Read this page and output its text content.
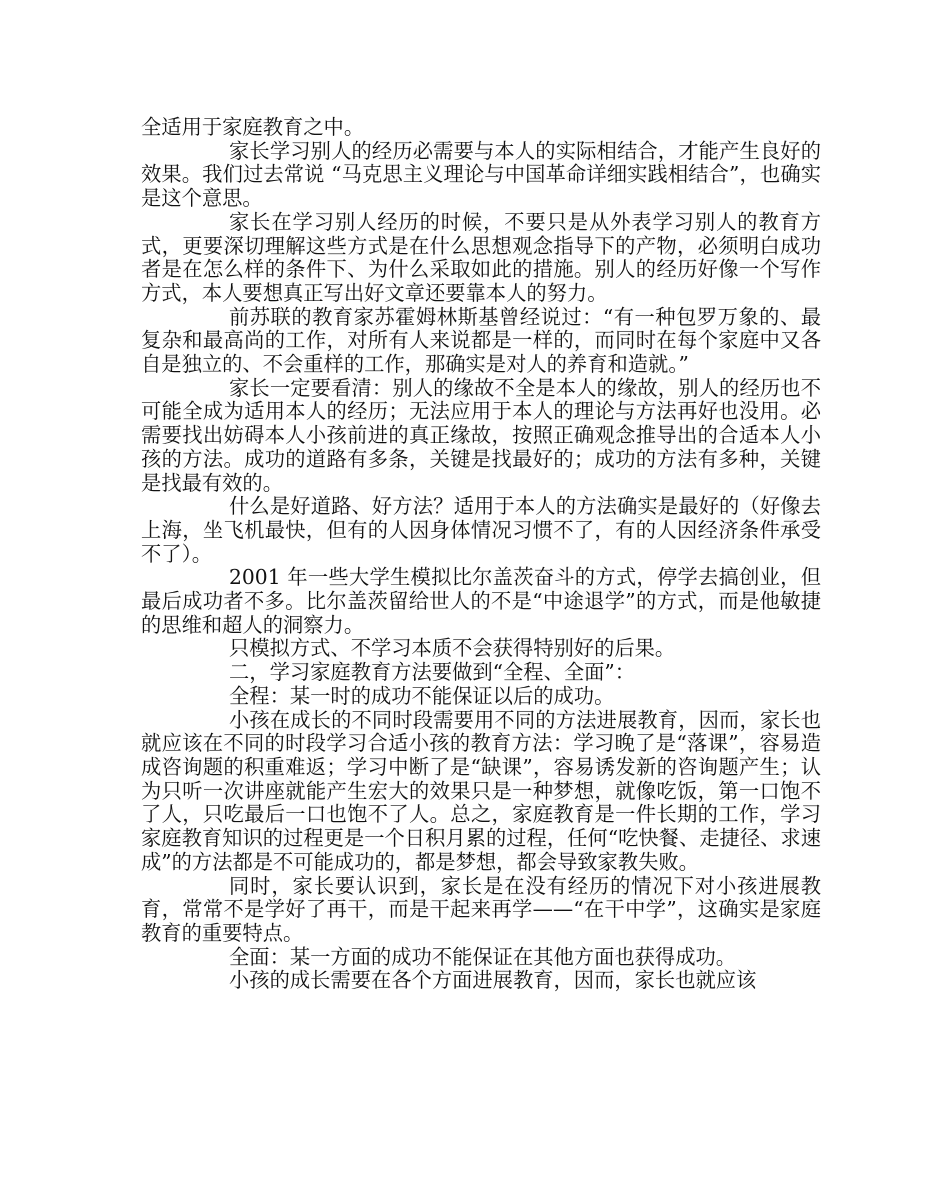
全适用于家庭教育之中。

家长学习别人的经历必需要与本人的实际相结合，才能产生良好的效果。我们过去常说 “马克思主义理论与中国革命详细实践相结合”，也确实是这个意思。

家长在学习别人经历的时候，不要只是从外表学习别人的教育方式，更要深切理解这些方式是在什么思想观念指导下的产物，必须明白成功者是在怎么样的条件下、为什么采取如此的措施。别人的经历好像一个写作方式，本人要想真正写出好文章还要靠本人的努力。

前苏联的教育家苏霍姆林斯基曾经说过：“有一种包罗万象的、最复杂和最高尚的工作，对所有人来说都是一样的，而同时在每个家庭中又各自是独立的、不会重样的工作，那确实是对人的养育和造就。”

家长一定要看清：别人的缘故不全是本人的缘故，别人的经历也不可能全成为适用本人的经历；无法应用于本人的理论与方法再好也没用。必需要找出妨碍本人小孩前进的真正缘故，按照正确观念推导出的合适本人小孩的方法。成功的道路有多条，关键是找最好的；成功的方法有多种，关键是找最有效的。

什么是好道路、好方法？适用于本人的方法确实是最好的（好像去上海，坐飞机最快，但有的人因身体情况习惯不了，有的人因经济条件承受不了）。

2001 年一些大学生模拟比尔盖茨奋斗的方式，停学去搞创业，但最后成功者不多。比尔盖茨留给世人的不是“中途退学”的方式，而是他敏捷的思维和超人的洞察力。

只模拟方式、不学习本质不会获得特别好的后果。

二，学习家庭教育方法要做到“全程、全面”：

全程：某一时的成功不能保证以后的成功。

小孩在成长的不同时段需要用不同的方法进展教育，因而，家长也就应该在不同的时段学习合适小孩的教育方法：学习晚了是“落课”，容易造成咨询题的积重难返；学习中断了是“缺课”，容易诱发新的咨询题产生；认为只听一次讲座就能产生宏大的效果只是一种梦想，就像吃饭，第一口饱不了人，只吃最后一口也饱不了人。总之，家庭教育是一件长期的工作，学习家庭教育知识的过程更是一个日积月累的过程，任何“吃快餐、走捷径、求速成”的方法都是不可能成功的，都是梦想，都会导致家教失败。

同时，家长要认识到，家长是在没有经历的情况下对小孩进展教育，常常不是学好了再干，而是干起来再学——“在干中学”，这确实是家庭教育的重要特点。

全面：某一方面的成功不能保证在其他方面也获得成功。

小孩的成长需要在各个方面进展教育，因而，家长也就应该
